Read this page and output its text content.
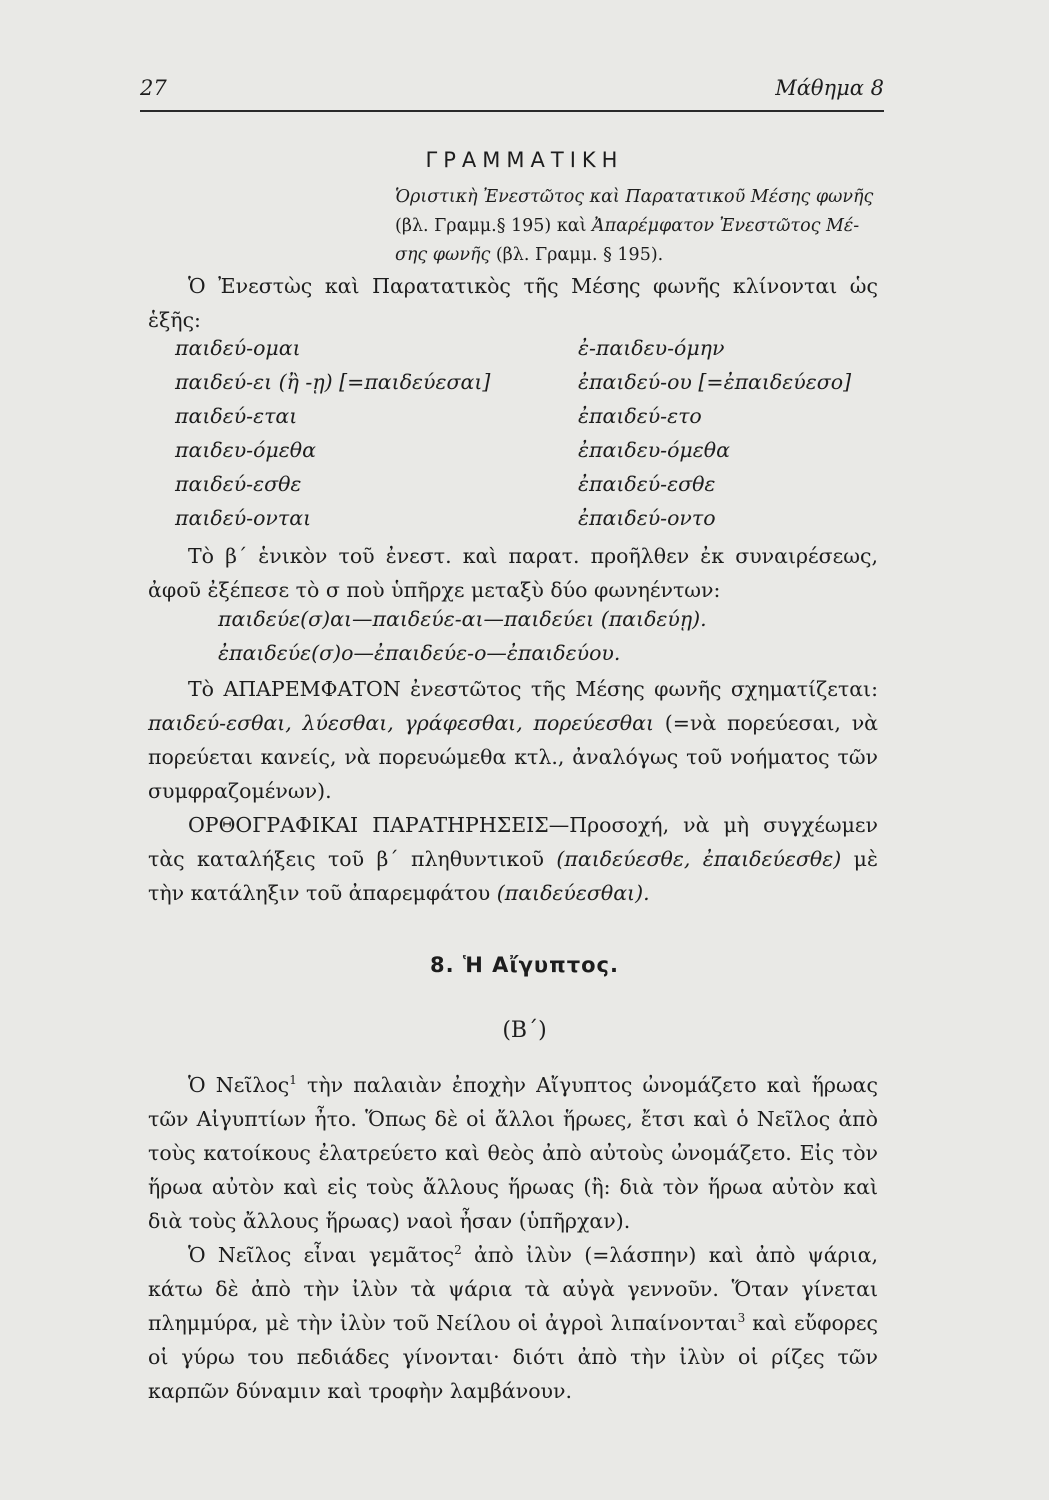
27	Μάθημα 8
ΓΡΑΜΜΑΤΙΚΗ
Ὁριστικὴ Ἐνεστῶτος καὶ Παρατατικοῦ Μέσης φωνῆς (βλ. Γραμμ.§ 195) καὶ Ἀπαρέμφατον Ἐνεστῶτος Μέ-σης φωνῆς (βλ. Γραμμ. § 195).
Ὁ Ἐνεστὼς καὶ Παρατατικὸς τῆς Μέσης φωνῆς κλίνονται ὡς ἑξῆς:
παιδεύ-ομαι	ἐ-παιδευ-όμην
παιδεύ-ει (ἢ -ῃ) [=παιδεύεσαι]	ἐπαιδεύ-ου [=ἐπαιδεύεσο]
παιδεύ-εται	ἐπαιδεύ-ετο
παιδευ-όμεθα	ἐπαιδευ-όμεθα
παιδεύ-εσθε	ἐπαιδεύ-εσθε
παιδεύ-ονται	ἐπαιδεύ-οντο
Τὸ β΄ ἑνικὸν τοῦ ἐνεστ. καὶ παρατ. προῆλθεν ἐκ συναιρέσεως, ἀφοῦ ἐξέπεσε τὸ σ ποὺ ὑπῆρχε μεταξὺ δύο φωνηέντων:
παιδεύε(σ)αι—παιδεύε-αι—παιδεύει (παιδεύῃ).
ἐπαιδεύε(σ)ο—ἐπαιδεύε-ο—ἐπαιδεύου.
Τὸ ΑΠΑΡΕΜΦΑΤΟΝ ἐνεστῶτος τῆς Μέσης φωνῆς σχηματίζεται: παιδεύ-εσθαι, λύεσθαι, γράφεσθαι, πορεύεσθαι (=νὰ πορεύεσαι, νὰ πορεύεται κανείς, νὰ πορευώμεθα κτλ., ἀναλόγως τοῦ νοήματος τῶν συμφραζομένων).
ΟΡΘΟΓΡΑΦΙΚΑΙ ΠΑΡΑΤΗΡΗΣΕΙΣ—Προσοχή, νὰ μὴ συγχέωμεν τὰς καταλήξεις τοῦ β΄ πληθυντικοῦ (παιδεύεσθε, ἐπαιδεύεσθε) μὲ τὴν κατάληξιν τοῦ ἀπαρεμφάτου (παιδεύεσθαι).
8. Ἡ Αἴγυπτος.
(Β΄)
Ὁ Νεῖλος$^1$ τὴν παλαιὰν ἐποχὴν Αἴγυπτος ὠνομάζετο καὶ ἥρωας τῶν Αἰγυπτίων ἦτο. Ὅπως δὲ οἱ ἄλλοι ἥρωες, ἔτσι καὶ ὁ Νεῖλος ἀπὸ τοὺς κατοίκους ἐλατρεύετο καὶ θεὸς ἀπὸ αὐτοὺς ὠνομάζετο. Εἰς τὸν ἥρωα αὐτὸν καὶ εἰς τοὺς ἄλλους ἥρωας (ἢ: διὰ τὸν ἥρωα αὐτὸν καὶ διὰ τοὺς ἄλλους ἥρωας) ναοὶ ἦσαν (ὑπῆρχαν).
Ὁ Νεῖλος εἶναι γεμᾶτος$^2$ ἀπὸ ἰλὺν (=λάσπην) καὶ ἀπὸ ψάρια, κάτω δὲ ἀπὸ τὴν ἰλὺν τὰ ψάρια τὰ αὐγὰ γεννοῦν. Ὅταν γίνεται πλημμύρα, μὲ τὴν ἰλὺν τοῦ Νείλου οἱ ἀγροὶ λιπαίνονται$^3$ καὶ εὔφορες οἱ γύρω του πεδιάδες γίνονται· διότι ἀπὸ τὴν ἰλὺν οἱ ρίζες τῶν καρπῶν δύναμιν καὶ τροφὴν λαμβάνουν.
